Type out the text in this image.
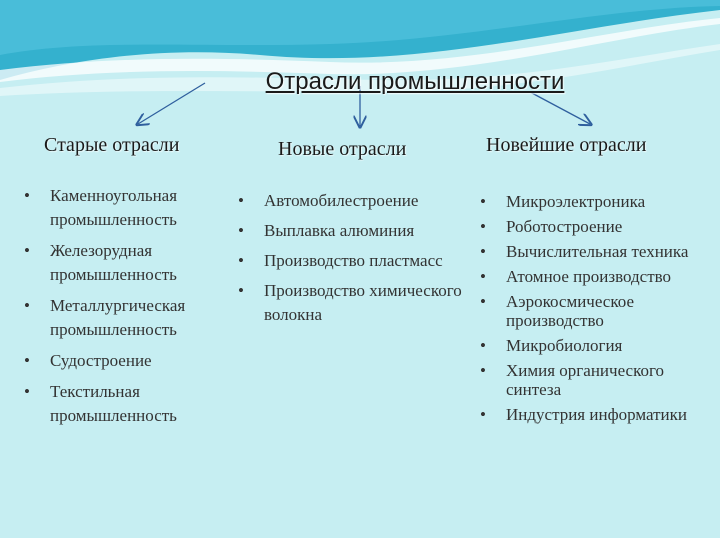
Отрасли промышленности
Старые отрасли	Новые отрасли	Новейшие отрасли
• Каменноугольная промышленность
• Железорудная промышленность
• Металлургическая промышленность
• Судостроение
• Текстильная промышленность
• Автомобилестроение
• Выплавка алюминия
• Производство пластмасс
• Производство химического волокна
• Микроэлектроника
• Роботостроение
• Вычислительная техника
• Атомное производство
• Аэрокосмическое производство
• Микробиология
• Химия органического синтеза
• Индустрия информатики
